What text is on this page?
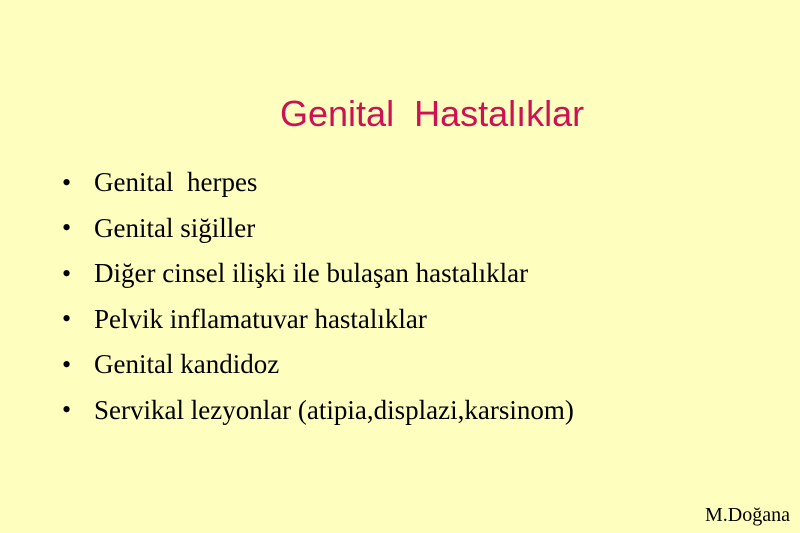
Genital  Hastalıklar
• Genital  herpes
• Genital siğiller
• Diğer cinsel ilişki ile bulaşan hastalıklar
• Pelvik inflamatuvar hastalıklar
• Genital kandidoz
• Servikal lezyonlar (atipia,displazi,karsinom)
M.Doğana
